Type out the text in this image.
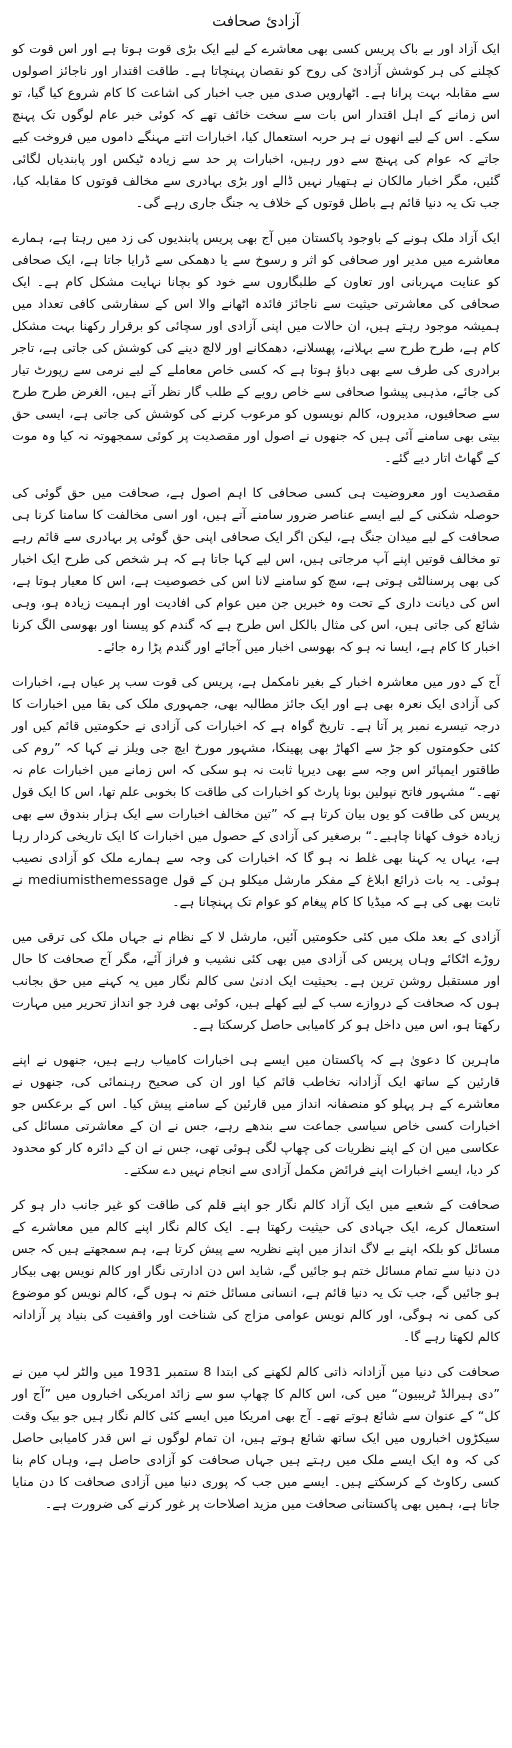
آزادیٔ صحافت

ایک آزاد اور بے باک پریس کسی بھی معاشرے کے لیے ایک بڑی قوت ہوتا ہے اور اس قوت کو کچلنے کی ہر کوشش آزادیٔ کی روح کو نقصان پہنچاتا ہے۔ طاقت اقتدار اور ناجائز اصولوں سے مقابلہ بہت پرانا ہے۔ اٹھارویں صدی میں جب اخبار کی اشاعت کا کام شروع کیا گیا، تو اس زمانے کے اہل اقتدار اس بات سے سخت خائف تھے کہ کوئی خبر عام لوگوں تک پہنچ سکے۔ اس کے لیے انھوں نے ہر حربہ استعمال کیا، اخبارات اتنے مہنگے داموں میں فروخت کیے جاتے کہ عوام کی پہنچ سے دور رہیں، اخبارات پر حد سے زیادہ ٹیکس اور پابندیاں لگائی گئیں، مگر اخبار مالکان نے ہتھیار نہیں ڈالے اور بڑی بہادری سے مخالف قوتوں کا مقابلہ کیا، جب تک یہ دنیا قائم ہے باطل قوتوں کے خلاف یہ جنگ جاری رہے گی۔

ایک آزاد ملک ہونے کے باوجود پاکستان میں آج بھی پریس پابندیوں کی زد میں رہتا ہے، ہمارے معاشرے میں مدیر اور صحافی کو اثر و رسوخ سے یا دھمکی سے ڈرایا جاتا ہے، ایک صحافی کو عنایت مہربانی اور تعاون کے طلبگاروں سے خود کو بچانا نہایت مشکل کام ہے۔ ایک صحافی کی معاشرتی حیثیت سے ناجائز فائدہ اٹھانے والا اس کے سفارشی کافی تعداد میں ہمیشہ موجود رہتے ہیں، ان حالات میں اپنی آزادی اور سچائی کو برقرار رکھنا بہت مشکل کام ہے، طرح طرح سے بہلانے، پھسلانے، دھمکانے اور لالچ دینے کی کوشش کی جاتی ہے، تاجر برادری کی طرف سے بھی دباؤ ہوتا ہے کہ کسی خاص معاملے کے لیے نرمی سے رپورٹ تیار کی جائے، مذہبی پیشوا صحافی سے خاص رویے کے طلب گار نظر آتے ہیں، الغرض طرح طرح سے صحافیوں، مدیروں، کالم نویسوں کو مرعوب کرنے کی کوشش کی جاتی ہے، ایسی حق بیتی بھی سامنے آئی ہیں کہ جنھوں نے اصول اور مقصدیت پر کوئی سمجھوتہ نہ کیا وہ موت کے گھاٹ اتار دیے گئے۔

مقصدیت اور معروضیت ہی کسی صحافی کا اہم اصول ہے، صحافت میں حق گوئی کی حوصلہ شکنی کے لیے ایسے عناصر ضرور سامنے آتے ہیں، اور اسی مخالفت کا سامنا کرنا ہی صحافت کے لیے میدان جنگ ہے، لیکن اگر ایک صحافی اپنی حق گوئی پر بہادری سے قائم رہے تو مخالف قوتیں اپنے آپ مرجاتی ہیں، اس لیے کہا جاتا ہے کہ ہر شخص کی طرح ایک اخبار کی بھی پرسنالٹی ہوتی ہے، سچ کو سامنے لانا اس کی خصوصیت ہے، اس کا معیار ہوتا ہے، اس کی دیانت داری کے تحت وہ خبریں جن میں عوام کی افادیت اور اہمیت زیادہ ہو، وہی شائع کی جاتی ہیں، اس کی مثال بالکل اس طرح ہے کہ گندم کو پیسنا اور بھوسی الگ کرنا اخبار کا کام ہے، ایسا نہ ہو کہ بھوسی اخبار میں آجائے اور گندم پڑا رہ جائے۔

آج کے دور میں معاشرہ اخبار کے بغیر نامکمل ہے، پریس کی قوت سب پر عیاں ہے، اخبارات کی آزادی ایک نعرہ بھی ہے اور ایک جائز مطالبہ بھی، جمہوری ملک کی بقا میں اخبارات کا درجہ تیسرے نمبر پر آتا ہے۔ تاریخ گواہ ہے کہ اخبارات کی آزادی نے حکومتیں قائم کیں اور کئی حکومتوں کو جڑ سے اکھاڑ بھی پھینکا، مشہور مورخ ایچ جی ویلز نے کہا کہ ”روم کی طاقتور ایمپائر اس وجہ سے بھی دیرپا ثابت نہ ہو سکی کہ اس زمانے میں اخبارات عام نہ تھے۔“ مشہور فاتح نپولین بونا پارٹ کو اخبارات کی طاقت کا بخوبی علم تھا، اس کا ایک قول پریس کی طاقت کو یوں بیان کرتا ہے کہ ”تین مخالف اخبارات سے ایک ہزار بندوق سے بھی زیادہ خوف کھانا چاہیے۔“ برصغیر کی آزادی کے حصول میں اخبارات کا ایک تاریخی کردار رہا ہے، یہاں یہ کہنا بھی غلط نہ ہو گا کہ اخبارات کی وجہ سے ہمارے ملک کو آزادی نصیب ہوئی۔ یہ بات ذرائع ابلاغ کے مفکر مارشل میکلو ہن کے قول mediumisthemessage نے ثابت بھی کی ہے کہ میڈیا کا کام پیغام کو عوام تک پہنچانا ہے۔

آزادی کے بعد ملک میں کئی حکومتیں آئیں، مارشل لا کے نظام نے جہاں ملک کی ترقی میں روڑے اٹکائے وہاں پریس کی آزادی میں بھی کئی نشیب و فراز آئے، مگر آج صحافت کا حال اور مستقبل روشن ترین ہے۔ بحیثیت ایک ادنیٰ سی کالم نگار میں یہ کہنے میں حق بجانب ہوں کہ صحافت کے دروازے سب کے لیے کھلے ہیں، کوئی بھی فرد جو انداز تحریر میں مہارت رکھتا ہو، اس میں داخل ہو کر کامیابی حاصل کرسکتا ہے۔

ماہرین کا دعویٰ ہے کہ پاکستان میں ایسے ہی اخبارات کامیاب رہے ہیں، جنھوں نے اپنے قارئین کے ساتھ ایک آزادانہ تخاطب قائم کیا اور ان کی صحیح رہنمائی کی، جنھوں نے معاشرے کے ہر پہلو کو منصفانہ انداز میں قارئین کے سامنے پیش کیا۔ اس کے برعکس جو اخبارات کسی خاص سیاسی جماعت سے بندھے رہے، جس نے ان کے معاشرتی مسائل کی عکاسی میں ان کے اپنے نظریات کی چھاپ لگی ہوئی تھی، جس نے ان کے دائرہ کار کو محدود کر دیا، ایسے اخبارات اپنے فرائض مکمل آزادی سے انجام نہیں دے سکتے۔

صحافت کے شعبے میں ایک آزاد کالم نگار جو اپنے قلم کی طاقت کو غیر جانب دار ہو کر استعمال کرے، ایک جہادی کی حیثیت رکھتا ہے۔ ایک کالم نگار اپنے کالم میں معاشرے کے مسائل کو بلکہ اپنے بے لاگ انداز میں اپنے نظریہ سے پیش کرتا ہے، ہم سمجھتے ہیں کہ جس دن دنیا سے تمام مسائل ختم ہو جائیں گے، شاید اس دن ادارتی نگار اور کالم نویس بھی بیکار ہو جائیں گے، جب تک یہ دنیا قائم ہے، انسانی مسائل ختم نہ ہوں گے، کالم نویس کو موضوع کی کمی نہ ہوگی، اور کالم نویس عوامی مزاج کی شناخت اور واقفیت کی بنیاد پر آزادانہ کالم لکھتا رہے گا۔

صحافت کی دنیا میں آزادانہ ذاتی کالم لکھنے کی ابتدا 8 ستمبر 1931 میں والٹر لپ مین نے ”دی ہیرالڈ ٹریبیون“ میں کی، اس کالم کا چھاپ سو سے زائد امریکی اخباروں میں ”آج اور کل“ کے عنوان سے شائع ہوتے تھے۔ آج بھی امریکا میں ایسے کئی کالم نگار ہیں جو بیک وقت سیکڑوں اخباروں میں ایک ساتھ شائع ہوتے ہیں، ان تمام لوگوں نے اس قدر کامیابی حاصل کی کہ وہ ایک ایسے ملک میں رہتے ہیں جہاں صحافت کو آزادی حاصل ہے، وہاں کام بنا کسی رکاوٹ کے کرسکتے ہیں۔ ایسے میں جب کہ پوری دنیا میں آزادی صحافت کا دن منایا جاتا ہے، ہمیں بھی پاکستانی صحافت میں مزید اصلاحات پر غور کرنے کی ضرورت ہے۔
